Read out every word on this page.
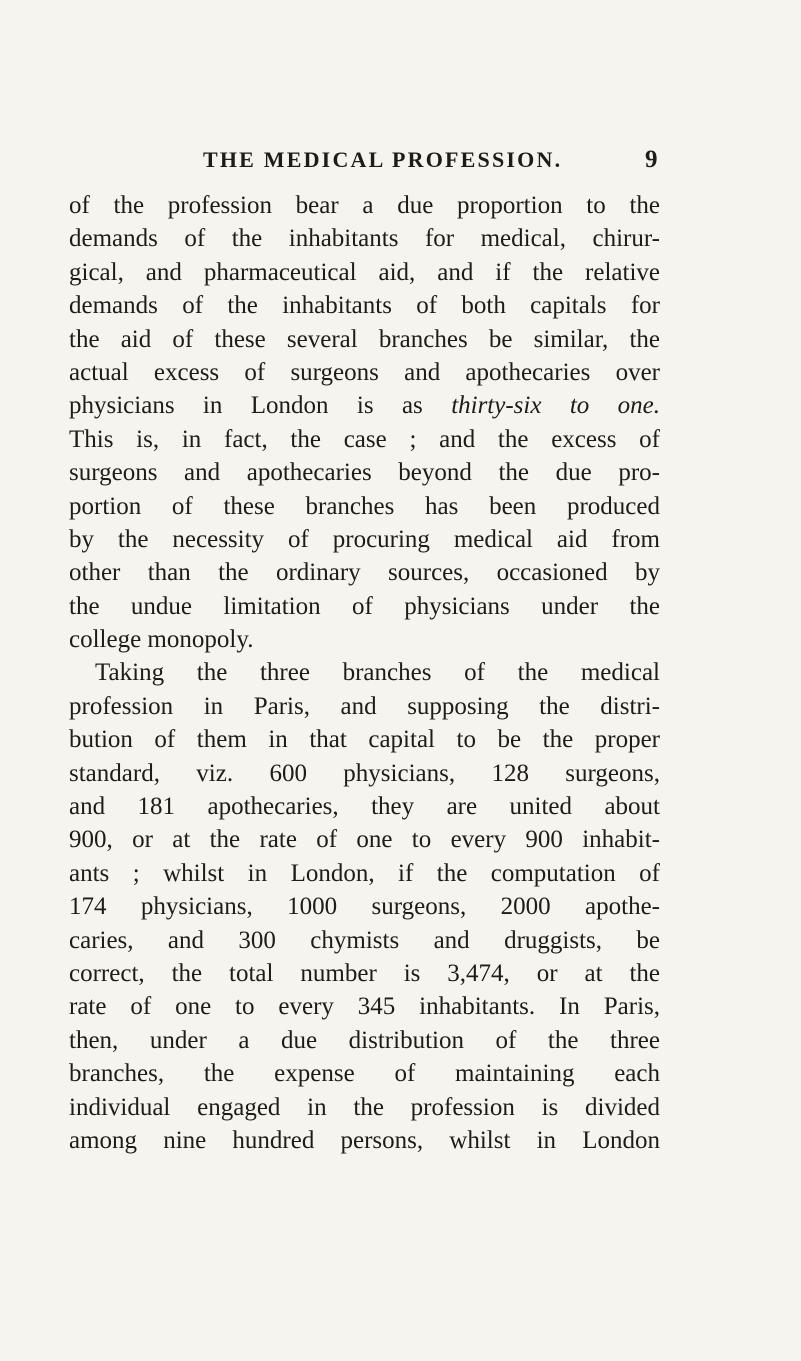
THE MEDICAL PROFESSION.	9
of the profession bear a due proportion to the
demands of the inhabitants for medical, chirur-
gical, and pharmaceutical aid, and if the relative
demands of the inhabitants of both capitals for
the aid of these several branches be similar, the
actual excess of surgeons and apothecaries over
physicians in London is as thirty-six to one.
This is, in fact, the case ; and the excess of
surgeons and apothecaries beyond the due pro-
portion of these branches has been produced
by the necessity of procuring medical aid from
other than the ordinary sources, occasioned by
the undue limitation of physicians under the
college monopoly.
Taking the three branches of the medical
profession in Paris, and supposing the distri-
bution of them in that capital to be the proper
standard, viz. 600 physicians, 128 surgeons,
and 181 apothecaries, they are united about
900, or at the rate of one to every 900 inhabit-
ants ; whilst in London, if the computation of
174 physicians, 1000 surgeons, 2000 apothe-
caries, and 300 chymists and druggists, be
correct, the total number is 3,474, or at the
rate of one to every 345 inhabitants. In Paris,
then, under a due distribution of the three
branches, the expense of maintaining each
individual engaged in the profession is divided
among nine hundred persons, whilst in London
